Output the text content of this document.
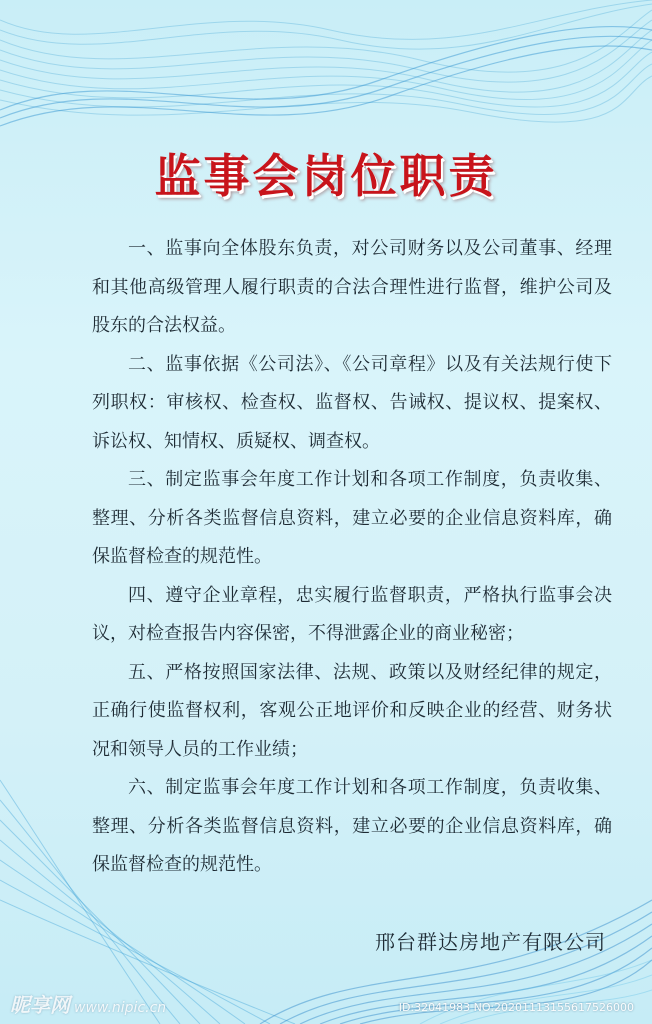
监事会岗位职责

一、监事向全体股东负责，对公司财务以及公司董事、经理和其他高级管理人履行职责的合法合理性进行监督，维护公司及股东的合法权益。

二、监事依据《公司法》、《公司章程》以及有关法规行使下列职权：审核权、检查权、监督权、告诫权、提议权、提案权、诉讼权、知情权、质疑权、调查权。

三、制定监事会年度工作计划和各项工作制度，负责收集、整理、分析各类监督信息资料，建立必要的企业信息资料库，确保监督检查的规范性。

四、遵守企业章程，忠实履行监督职责，严格执行监事会决议，对检查报告内容保密，不得泄露企业的商业秘密；

五、严格按照国家法律、法规、政策以及财经纪律的规定，正确行使监督权利，客观公正地评价和反映企业的经营、财务状况和领导人员的工作业绩；

六、制定监事会年度工作计划和各项工作制度，负责收集、整理、分析各类监督信息资料，建立必要的企业信息资料库，确保监督检查的规范性。

邢台群达房地产有限公司
昵享网 www.nipic.cn	ID:32041983 NO:20201113155617526000
